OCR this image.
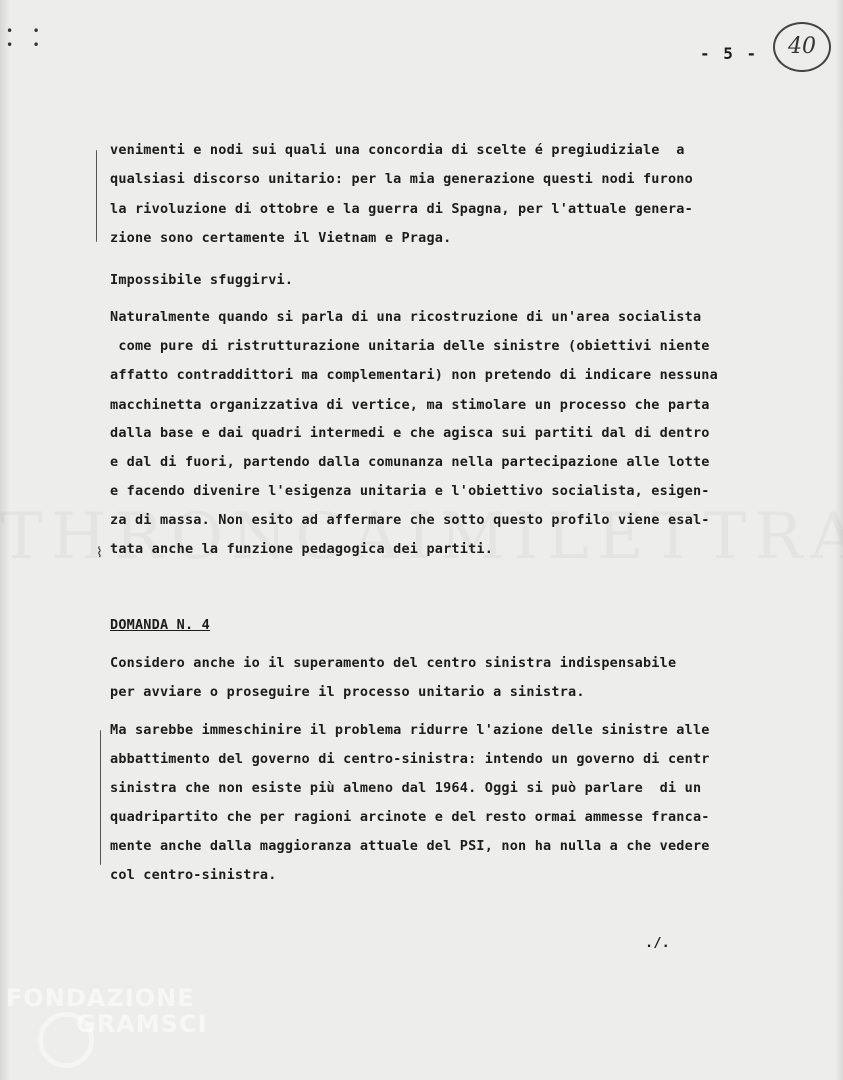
• •
• •	- 5 -	40
venimenti e nodi sui quali una concordia di scelte é pregiudiziale  a
qualsiasi discorso unitario: per la mia generazione questi nodi furono
la rivoluzione di ottobre e la guerra di Spagna, per l'attuale genera-
zione sono certamente il Vietnam e Praga.
Impossibile sfuggirvi.
Naturalmente quando si parla di una ricostruzione di un'area socialista
come pure di ristrutturazione unitaria delle sinistre (obiettivi niente
affatto contraddittori ma complementari) non pretendo di indicare nessuna
macchinetta organizzativa di vertice, ma stimolare un processo che parta
dalla base e dai quadri intermedi e che agisca sui partiti dal di dentro
e dal di fuori, partendo dalla comunanza nella partecipazione alle lotte
e facendo divenire l'esigenza unitaria e l'obiettivo socialista, esigen-
za di massa. Non esito ad affermare che sotto questo profilo viene esal-
tata anche la funzione pedagogica dei partiti.
⌇
DOMANDA N. 4
Considero anche io il superamento del centro sinistra indispensabile
per avviare o proseguire il processo unitario a sinistra.
Ma sarebbe immeschinire il problema ridurre l'azione delle sinistre alle
abbattimento del governo di centro-sinistra: intendo un governo di centr
sinistra che non esiste più almeno dal 1964. Oggi si può parlare  di un
quadripartito che per ragioni arcinote e del resto ormai ammesse franca-
mente anche dalla maggioranza attuale del PSI, non ha nulla a che vedere
col centro-sinistra.
./.
FONDAZIONE
GRAMSCI
